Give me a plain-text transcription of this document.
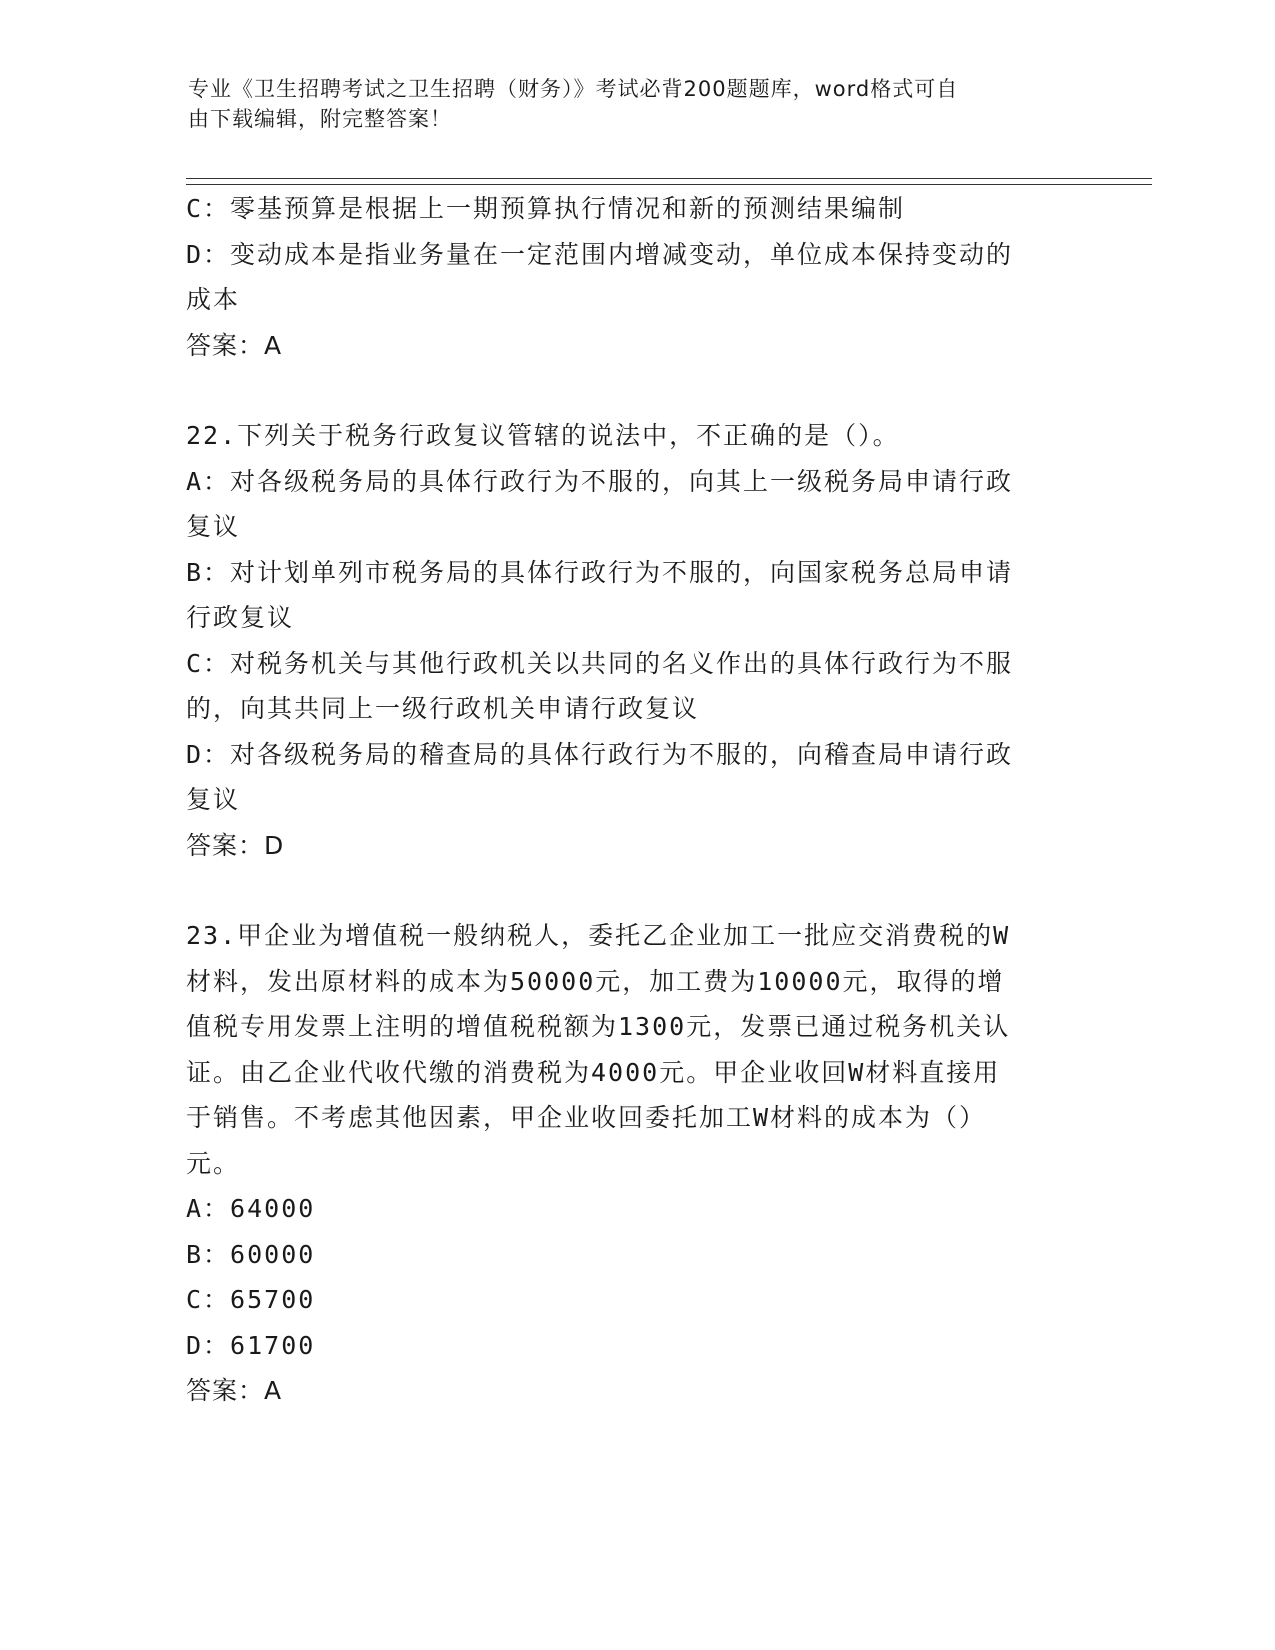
专业《卫生招聘考试之卫生招聘（财务）》考试必背200题题库，word格式可自
由下载编辑，附完整答案！
C：零基预算是根据上一期预算执行情况和新的预测结果编制
D：变动成本是指业务量在一定范围内增减变动，单位成本保持变动的
成本
答案：A
22.下列关于税务行政复议管辖的说法中，不正确的是（）。
A：对各级税务局的具体行政行为不服的，向其上一级税务局申请行政
复议
B：对计划单列市税务局的具体行政行为不服的，向国家税务总局申请
行政复议
C：对税务机关与其他行政机关以共同的名义作出的具体行政行为不服
的，向其共同上一级行政机关申请行政复议
D：对各级税务局的稽查局的具体行政行为不服的，向稽查局申请行政
复议
答案：D
23.甲企业为增值税一般纳税人，委托乙企业加工一批应交消费税的W
材料，发出原材料的成本为50000元，加工费为10000元，取得的增
值税专用发票上注明的增值税税额为1300元，发票已通过税务机关认
证。由乙企业代收代缴的消费税为4000元。甲企业收回W材料直接用
于销售。不考虑其他因素，甲企业收回委托加工W材料的成本为（）
元。
A：64000
B：60000
C：65700
D：61700
答案：A
